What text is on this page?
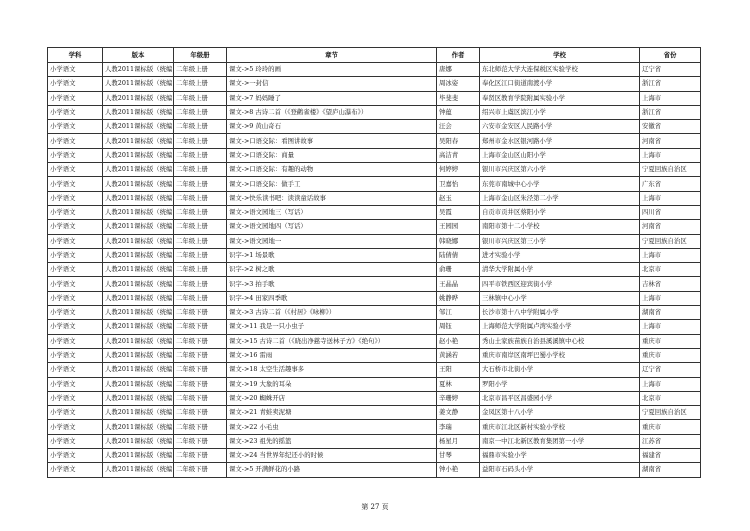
学科	版本	年级册	章节	作者	学校	省份
小学语文	人教2011课标版（统编	二年级上册	课文->5 玲玲的画	唐娜	东北师范大学大连保税区实验学校	辽宁省
小学语文	人教2011课标版（统编	二年级上册	课文->一封信	周冰姿	奉化区江口街道南渡小学	浙江省
小学语文	人教2011课标版（统编	二年级上册	课文->7 妈妈睡了	毕斐斐	奉贤区教育学院附属实验小学	上海市
小学语文	人教2011课标版（统编	二年级上册	课文->8 古诗二首（《登鹳雀楼》《望庐山瀑布》）	钟蕴	绍兴市上虞区滨江小学	浙江省
小学语文	人教2011课标版（统编	二年级上册	课文->9 黄山奇石	汪会	六安市金安区人民路小学	安徽省
小学语文	人教2011课标版（统编	二年级上册	课文->口语交际：看图讲故事	吴阳春	郑州市金水区银河路小学	河南省
小学语文	人教2011课标版（统编	二年级上册	课文->口语交际：商量	高洁青	上海市金山区山阳小学	上海市
小学语文	人教2011课标版（统编	二年级上册	课文->口语交际：有趣的动物	何婷婷	银川市兴庆区第六小学	宁夏回族自治区
小学语文	人教2011课标版（统编	二年级上册	课文->口语交际：做手工	卫嘉怡	东莞市南城中心小学	广东省
小学语文	人教2011课标版（统编	二年级上册	课文->快乐读书吧：读读童话故事	赵玉	上海市金山区朱泾第二小学	上海市
小学语文	人教2011课标版（统编	二年级上册	课文->语文园地三（写话）	吴霞	自贡市贡井区蔡阳小学	四川省
小学语文	人教2011课标版（统编	二年级上册	课文->语文园地四（写话）	王园园	南阳市第十二小学校	河南省
小学语文	人教2011课标版（统编	二年级上册	课文->语文园地一	韩晓娜	银川市兴庆区第三小学	宁夏回族自治区
小学语文	人教2011课标版（统编	二年级上册	识字->1 场景歌	陆倩倩	进才实验小学	上海市
小学语文	人教2011课标版（统编	二年级上册	识字->2 树之歌	俞珊	清华大学附属小学	北京市
小学语文	人教2011课标版（统编	二年级上册	识字->3 拍手歌	王晶晶	四平市铁西区迎宾街小学	吉林省
小学语文	人教2011课标版（统编	二年级上册	识字->4 田家四季歌	姚静晔	三林镇中心小学	上海市
小学语文	人教2011课标版（统编	二年级下册	课文->3 古诗二首（《村居》《咏柳》）	邹江	长沙市第十八中学附属小学	湖南省
小学语文	人教2011课标版（统编	二年级下册	课文->11 我是一只小虫子	周钰	上海师范大学附属卢湾实验小学	上海市
小学语文	人教2011课标版（统编	二年级下册	课文->15 古诗二首（《晓出净慈寺送林子方》《绝句》）	赵小艳	秀山土家族苗族自治县溪溪镇中心校	重庆市
小学语文	人教2011课标版（统编	二年级下册	课文->16 雷雨	黄涵若	重庆市南岸区南坪巴蜀小学校	重庆市
小学语文	人教2011课标版（统编	二年级下册	课文->18 太空生活趣事多	王阳	大石桥市北街小学	辽宁省
小学语文	人教2011课标版（统编	二年级下册	课文->19 大象的耳朵	夏林	罗阳小学	上海市
小学语文	人教2011课标版（统编	二年级下册	课文->20 蜘蛛开店	辛珊婷	北京市昌平区昌盛园小学	北京市
小学语文	人教2011课标版（统编	二年级下册	课文->21 青蛙卖泥塘	姜文静	金凤区第十八小学	宁夏回族自治区
小学语文	人教2011课标版（统编	二年级下册	课文->22 小毛虫	李瑞	重庆市江北区新村实验小学校	重庆市
小学语文	人教2011课标版（统编	二年级下册	课文->23 祖先的摇篮	杨星月	南京一中江北新区教育集团第一小学	江苏省
小学语文	人教2011课标版（统编	二年级下册	课文->24 当世界年纪还小的时候	甘琴	福鼎市实验小学	福建省
小学语文	人教2011课标版（统编	二年级下册	课文->5 开满鲜花的小路	钟小艳	益阳市石码头小学	湖南省
第 27 页
